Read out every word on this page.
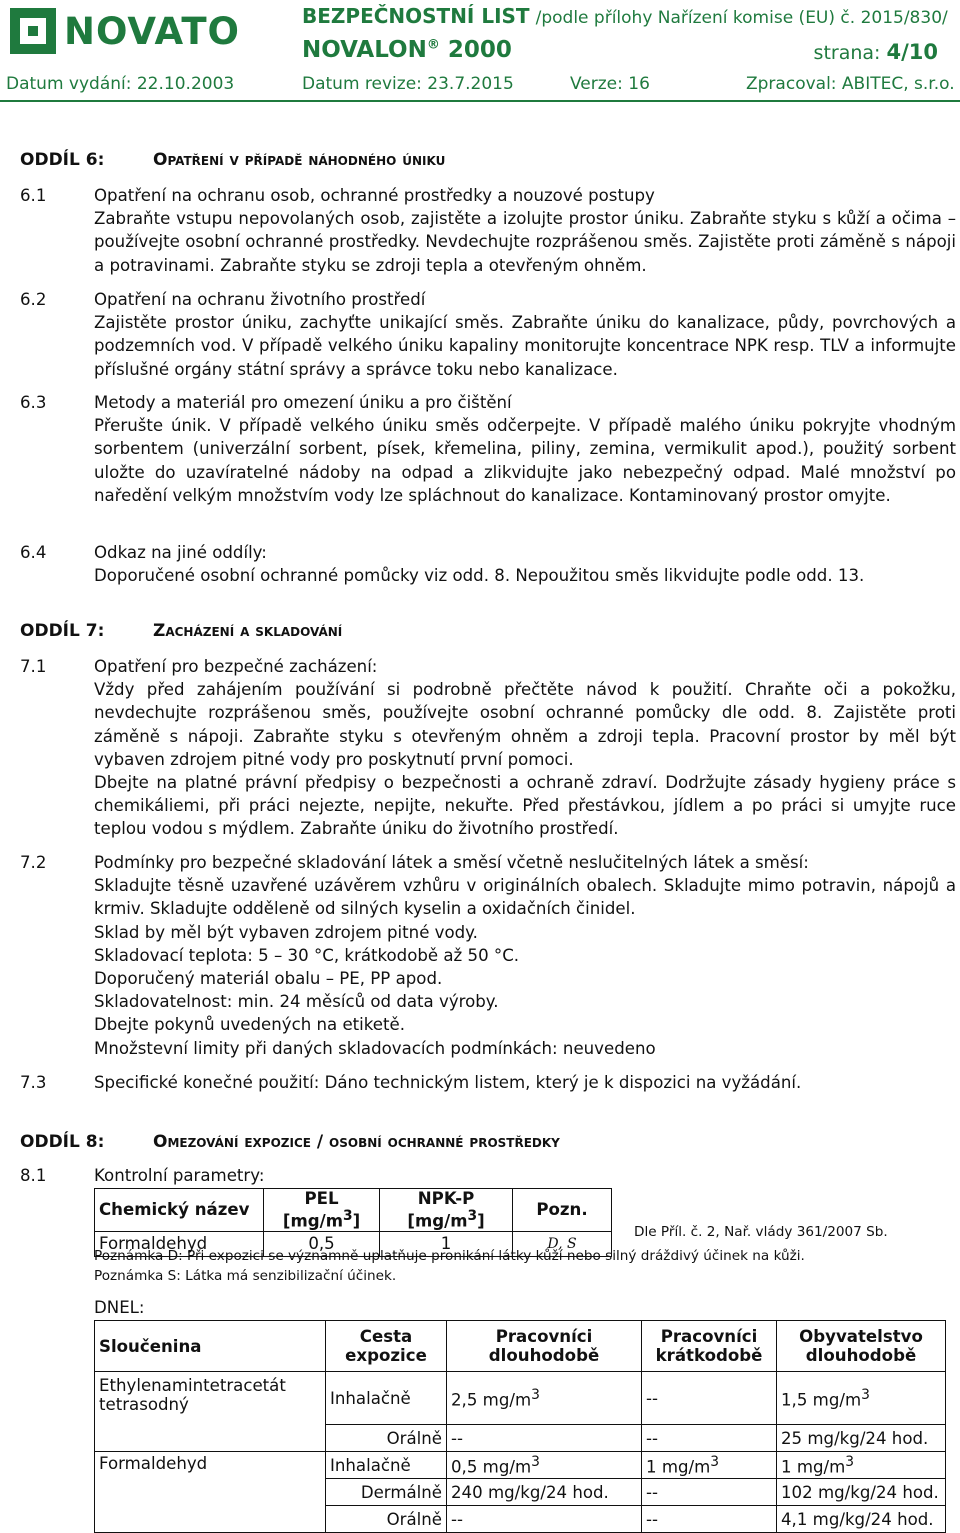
NOVATO	BEZPEČNOSTNÍ LIST /podle přílohy Nařízení komise (EU) č. 2015/830/
NOVALON® 2000	strana: 4/10
Datum vydání: 22.10.2003	Datum revize: 23.7.2015	Verze: 16	Zpracoval: ABITEC, s.r.o.
ODDÍL 6:	Opatření v případě náhodného úniku
6.1	Opatření na ochranu osob, ochranné prostředky a nouzové postupy

Zabraňte vstupu nepovolaných osob, zajistěte a izolujte prostor úniku. Zabraňte styku s kůží a očima – používejte osobní ochranné prostředky. Nevdechujte rozprášenou směs. Zajistěte proti záměně s nápoji a potravinami. Zabraňte styku se zdroji tepla a otevřeným ohněm.

6.2	Opatření na ochranu životního prostředí

Zajistěte prostor úniku, zachyťte unikající směs. Zabraňte úniku do kanalizace, půdy, povrchových a podzemních vod. V případě velkého úniku kapaliny monitorujte koncentrace NPK resp. TLV a informujte příslušné orgány státní správy a správce toku nebo kanalizace.

6.3	Metody a materiál pro omezení úniku a pro čištění

Přerušte únik. V případě velkého úniku směs odčerpejte. V případě malého úniku pokryjte vhodným sorbentem (univerzální sorbent, písek, křemelina, piliny, zemina, vermikulit apod.), použitý sorbent uložte do uzavíratelné nádoby na odpad a zlikvidujte jako nebezpečný odpad. Malé množství po naředění velkým množstvím vody lze spláchnout do kanalizace. Kontaminovaný prostor omyjte.

6.4	Odkaz na jiné oddíly:

Doporučené osobní ochranné pomůcky viz odd. 8. Nepoužitou směs likvidujte podle odd. 13.

ODDÍL 7:	Zacházení a skladování
7.1	Opatření pro bezpečné zacházení:

Vždy před zahájením používání si podrobně přečtěte návod k použití. Chraňte oči a pokožku, nevdechujte rozprášenou směs, používejte osobní ochranné pomůcky dle odd. 8. Zajistěte proti záměně s nápoji. Zabraňte styku s otevřeným ohněm a zdroji tepla. Pracovní prostor by měl být vybaven zdrojem pitné vody pro poskytnutí první pomoci.

Dbejte na platné právní předpisy o bezpečnosti a ochraně zdraví. Dodržujte zásady hygieny práce s chemikáliemi, při práci nejezte, nepijte, nekuřte. Před přestávkou, jídlem a po práci si umyjte ruce teplou vodou s mýdlem. Zabraňte úniku do životního prostředí.

7.2	Podmínky pro bezpečné skladování látek a směsí včetně neslučitelných látek a směsí:

Skladujte těsně uzavřené uzávěrem vzhůru v originálních obalech. Skladujte mimo potravin, nápojů a krmiv. Skladujte odděleně od silných kyselin a oxidačních činidel.

Sklad by měl být vybaven zdrojem pitné vody.

Skladovací teplota: 5 – 30 °C, krátkodobě až 50 °C.

Doporučený materiál obalu – PE, PP apod.

Skladovatelnost: min. 24 měsíců od data výroby.

Dbejte pokynů uvedených na etiketě.

Množstevní limity při daných skladovacích podmínkách: neuvedeno

7.3	Specifické konečné použití: Dáno technickým listem, který je k dispozici na vyžádání.

ODDÍL 8:	Omezování expozice / osobní ochranné prostředky
8.1	Kontrolní parametry:

Chemický název	PEL $[mg/m^3]$	NPK-P $[mg/m^3]$	Pozn.
Formaldehyd	0,5	1	D, S
Dle Příl. č. 2, Nař. vlády 361/2007 Sb.
Poznámka D: Při expozici se významně uplatňuje pronikání látky kůží nebo silný dráždivý účinek na kůži.
Poznámka S: Látka má senzibilizační účinek.

DNEL:

Sloučenina	Cesta expozice	Pracovníci dlouhodobě	Pracovníci krátkodobě	Obyvatelstvo dlouhodobě
Ethylenamintetracetát tetrasodný	Inhalačně	2,5 $mg/m^3$	--	1,5 $mg/m^3$
	Orálně	--	--	25 mg/kg/24 hod.
Formaldehyd	Inhalačně	0,5 $mg/m^3$	1 $mg/m^3$	1 $mg/m^3$
	Dermálně	240 mg/kg/24 hod.	--	102 mg/kg/24 hod.
	Orálně	--	--	4,1 mg/kg/24 hod.
